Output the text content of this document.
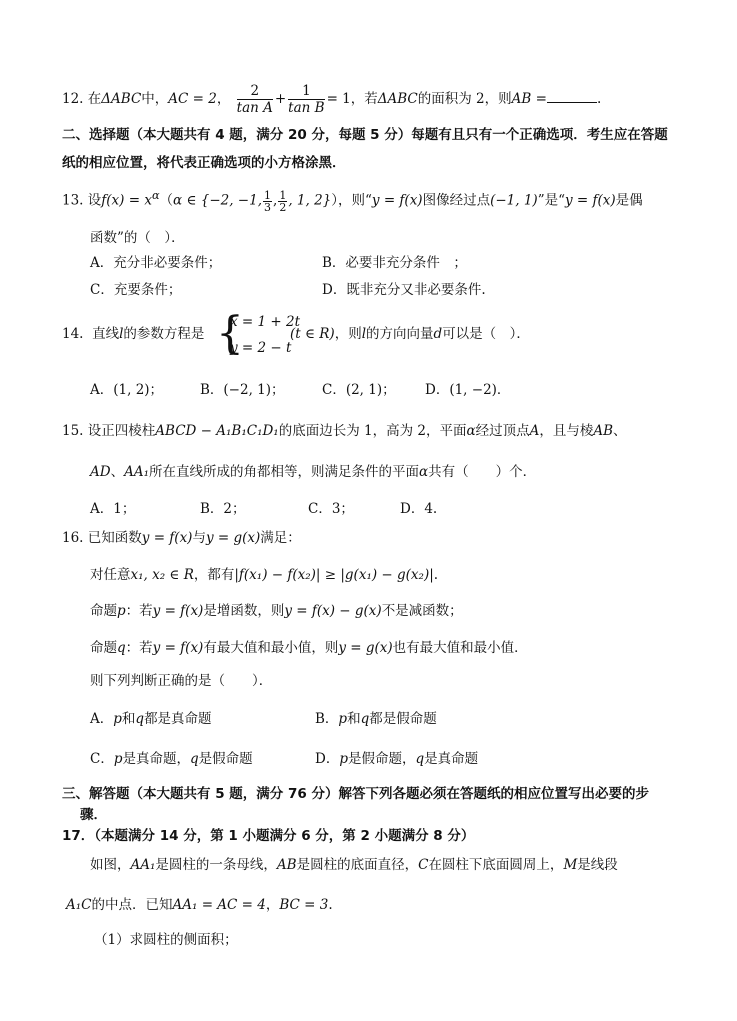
12. 在ΔABC中，AC = 2， $\frac{2}{\text{tan A}} + \frac{1}{\text{tan B}} = 1$，若ΔABC的面积为 2，则AB =	.
二、选择题（本大题共有 4 题，满分 20 分，每题 5 分）每题有且只有一个正确选项．考生应在答题
纸的相应位置，将代表正确选项的小方格涂黑．
13. 设$f(x) = x^\alpha(\alpha$ ∈ {−2, −1, $\frac{1}{3}$ , $\frac{1}{2}$ , 1, 2}），则“y = f(x)图像经过点(−1, 1)”是“y = f(x)是偶
函数”的（　）．
A．充分非必要条件；	B．必要非充分条件　；
C．充要条件；	D．既非充分又非必要条件.
14. 直线l的参数方程是 {
x = 1 + 2t
y = 2 − t
(t ∈ R)，则l的方向向量d可以是（　）．
A．(1, 2)；	B．(−2, 1)；	C．(2, 1)； D．(1, −2)．
15. 设正四棱柱ABCD − A₁B₁C₁D₁的底面边长为 1，高为 2，平面α经过顶点A，且与棱AB、
AD、AA₁所在直线所成的角都相等，则满足条件的平面α共有（　　）个．
A．1；	B．2；	C．3；	D．4.
16. 已知函数y = f(x)与y = g(x)满足：
对任意x₁, x₂ ∈ R，都有|f(x₁) − f(x₂)| ≥ |g(x₁) − g(x₂)|.
命题p：若y = f(x)是增函数，则y = f(x) − g(x)不是减函数；
命题q：若y = f(x)有最大值和最小值，则y = g(x)也有最大值和最小值．
则下列判断正确的是（　　）．
A．p和q都是真命题	B．p和q都是假命题
C．p是真命题，q是假命题	D．p是假命题，q是真命题
三、解答题（本大题共有 5 题，满分 76 分）解答下列各题必须在答题纸的相应位置写出必要的步
骤．
17．（本题满分 14 分，第 1 小题满分 6 分，第 2 小题满分 8 分）
如图，AA₁是圆柱的一条母线，AB是圆柱的底面直径，C在圆柱下底面圆周上，M是线段
A₁C的中点．已知AA₁ = AC = 4，BC = 3.
（1）求圆柱的侧面积；
